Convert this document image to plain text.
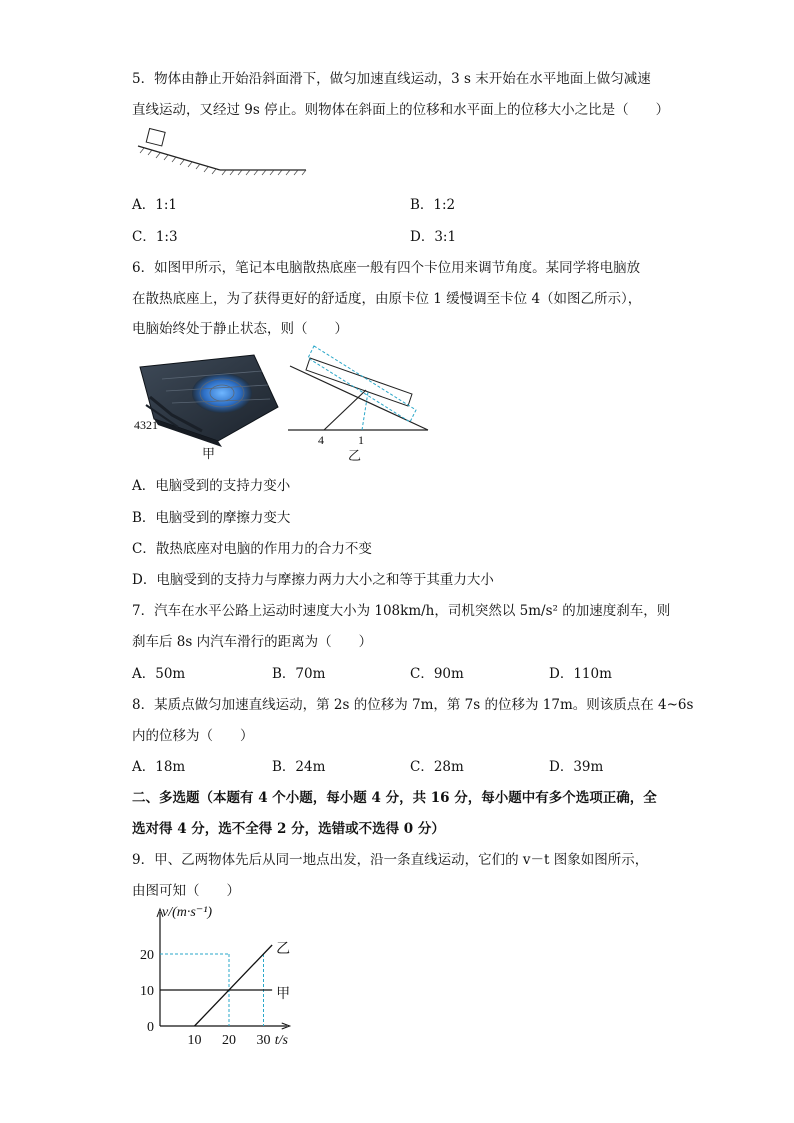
5．物体由静止开始沿斜面滑下，做匀加速直线运动，3 s 末开始在水平地面上做匀减速
直线运动，又经过 9s 停止。则物体在斜面上的位移和水平面上的位移大小之比是（　　）
A．1:1	B．1:2
C．1:3	D．3:1
6．如图甲所示，笔记本电脑散热底座一般有四个卡位用来调节角度。某同学将电脑放
在散热底座上，为了获得更好的舒适度，由原卡位 1 缓慢调至卡位 4（如图乙所示），
电脑始终处于静止状态，则（　　）
4321
甲
4	1
乙
A．电脑受到的支持力变小
B．电脑受到的摩擦力变大
C．散热底座对电脑的作用力的合力不变
D．电脑受到的支持力与摩擦力两力大小之和等于其重力大小
7．汽车在水平公路上运动时速度大小为 108km/h，司机突然以 5m/s² 的加速度刹车，则
刹车后 8s 内汽车滑行的距离为（　　）
A．50m	B．70m	C．90m	D．110m
8．某质点做匀加速直线运动，第 2s 的位移为 7m，第 7s 的位移为 17m。则该质点在 4~6s
内的位移为（　　）
A．18m	B．24m	C．28m	D．39m
二、多选题（本题有 4 个小题，每小题 4 分，共 16 分，每小题中有多个选项正确，全
选对得 4 分，选不全得 2 分，选错或不选得 0 分）
9．甲、乙两物体先后从同一地点出发，沿一条直线运动，它们的 v－t 图象如图所示，
由图可知（　　）
10 20 30
0
10
20
v/(m·s⁻¹)
t/s
甲
乙
